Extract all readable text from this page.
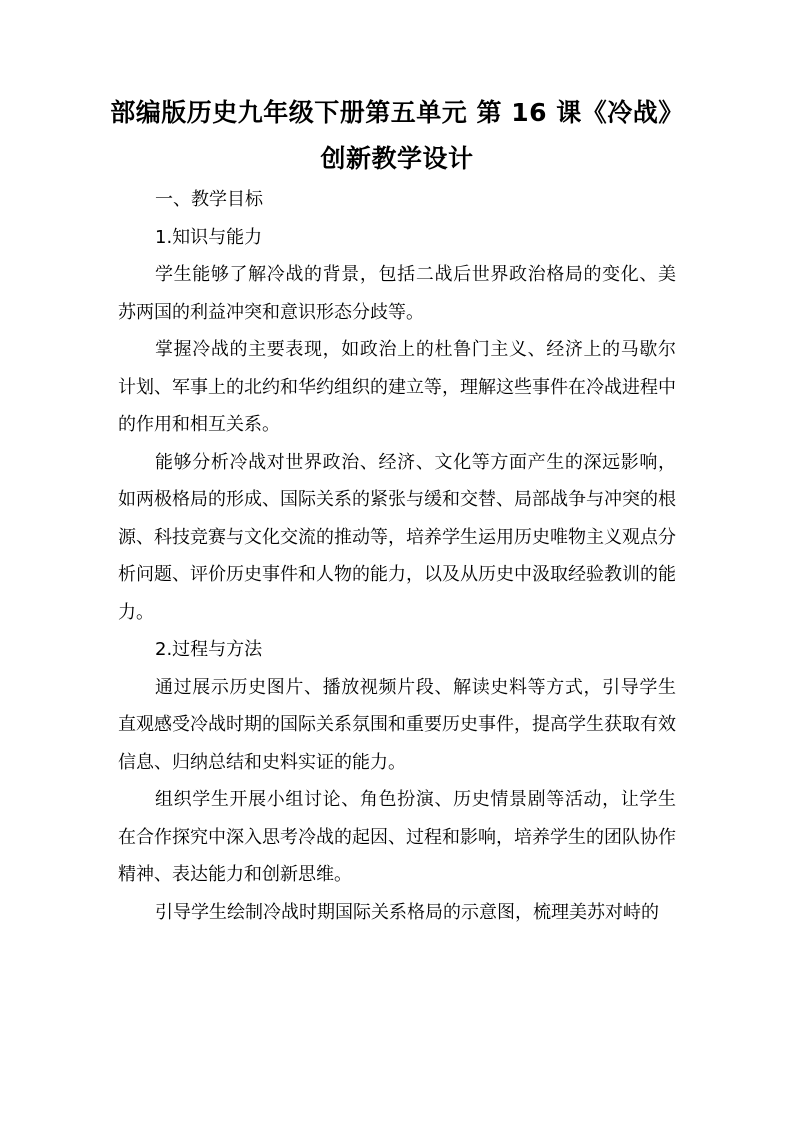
部编版历史九年级下册第五单元 第 16 课《冷战》创新教学设计

一、教学目标

1.知识与能力

学生能够了解冷战的背景，包括二战后世界政治格局的变化、美苏两国的利益冲突和意识形态分歧等。

掌握冷战的主要表现，如政治上的杜鲁门主义、经济上的马歇尔计划、军事上的北约和华约组织的建立等，理解这些事件在冷战进程中的作用和相互关系。

能够分析冷战对世界政治、经济、文化等方面产生的深远影响，如两极格局的形成、国际关系的紧张与缓和交替、局部战争与冲突的根源、科技竞赛与文化交流的推动等，培养学生运用历史唯物主义观点分析问题、评价历史事件和人物的能力，以及从历史中汲取经验教训的能力。

2.过程与方法

通过展示历史图片、播放视频片段、解读史料等方式，引导学生直观感受冷战时期的国际关系氛围和重要历史事件，提高学生获取有效信息、归纳总结和史料实证的能力。

组织学生开展小组讨论、角色扮演、历史情景剧等活动，让学生在合作探究中深入思考冷战的起因、过程和影响，培养学生的团队协作精神、表达能力和创新思维。

引导学生绘制冷战时期国际关系格局的示意图，梳理美苏对峙的
